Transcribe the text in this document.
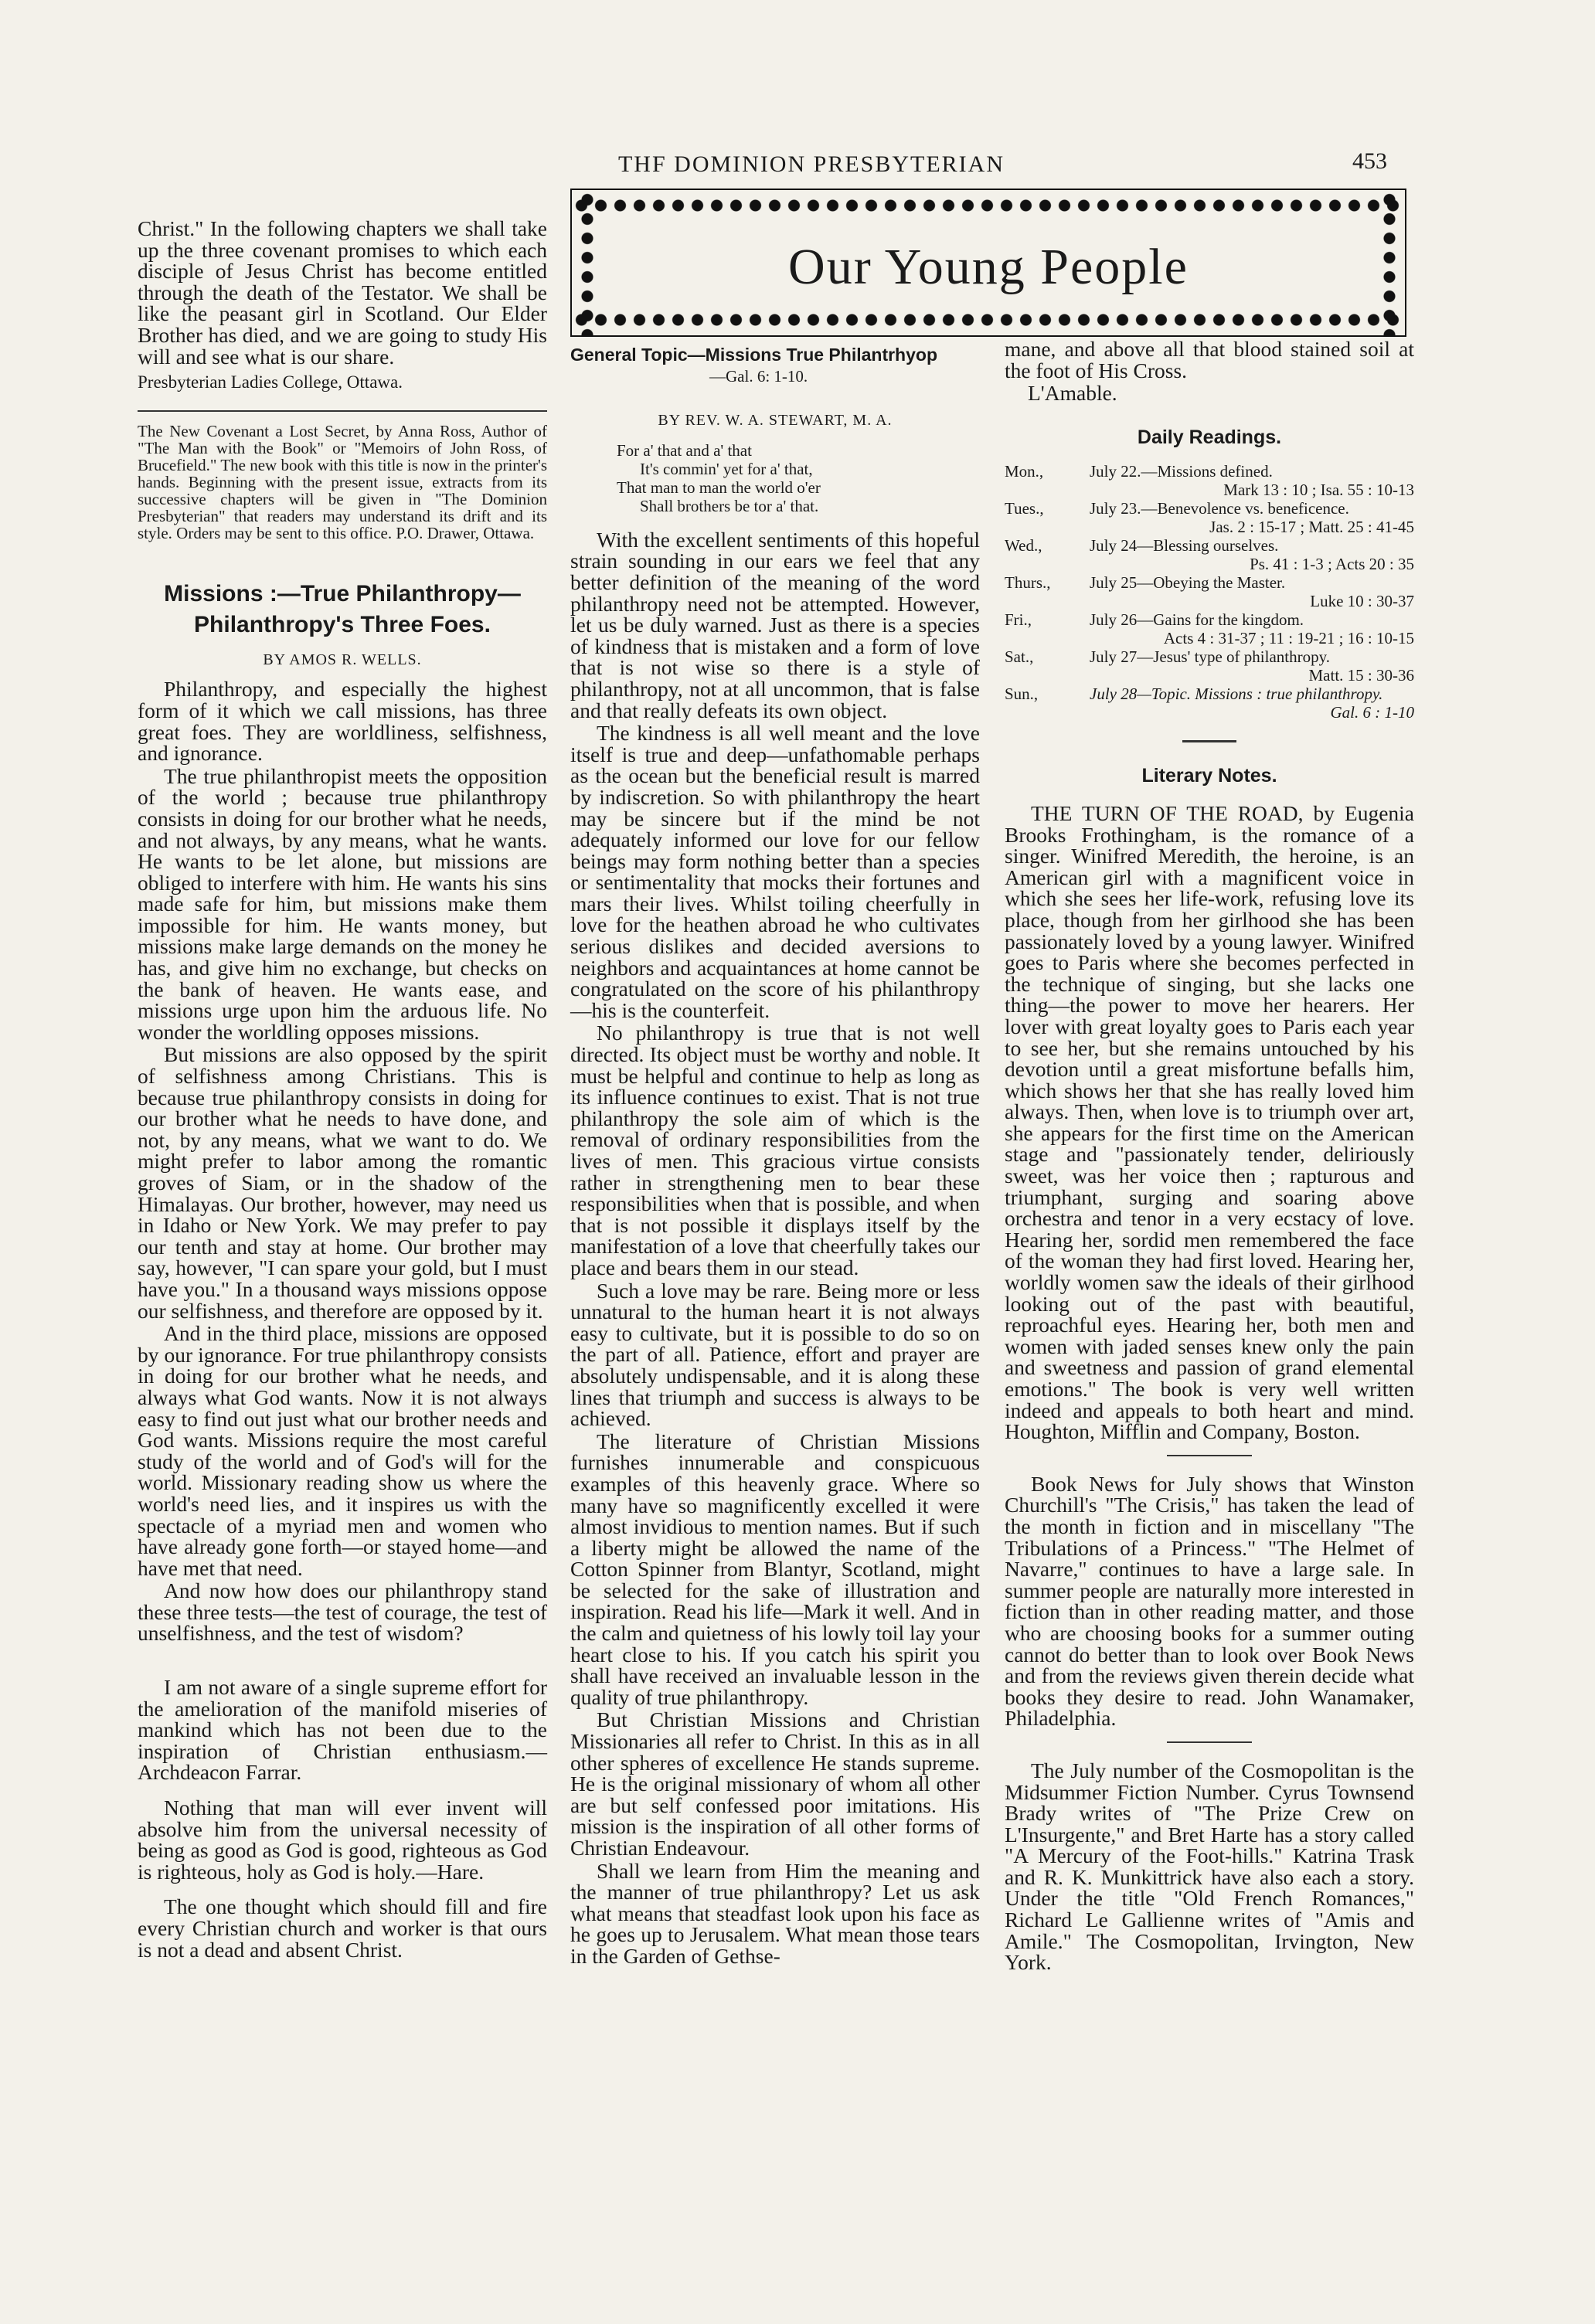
THF DOMINION PRESBYTERIAN	453
Our Young People

Christ." In the following chapters we shall take up the three covenant promises to which each disciple of Jesus Christ has become entitled through the death of the Testator. We shall be like the peasant girl in Scotland. Our Elder Brother has died, and we are going to study His will and see what is our share.

Presbyterian Ladies College, Ottawa.

The New Covenant a Lost Secret, by Anna Ross, Author of "The Man with the Book" or "Memoirs of John Ross, of Brucefield." The new book with this title is now in the printer's hands. Beginning with the present issue, extracts from its successive chapters will be given in "The Dominion Presbyterian" that readers may understand its drift and its style. Orders may be sent to this office. P.O. Drawer, Ottawa.

Missions :—True Philanthropy—Philanthropy's Three Foes.
BY AMOS R. WELLS.

Philanthropy, and especially the highest form of it which we call missions, has three great foes. They are worldliness, selfishness, and ignorance.

The true philanthropist meets the opposition of the world ; because true philanthropy consists in doing for our brother what he needs, and not always, by any means, what he wants. He wants to be let alone, but missions are obliged to interfere with him. He wants his sins made safe for him, but missions make them impossible for him. He wants money, but missions make large demands on the money he has, and give him no exchange, but checks on the bank of heaven. He wants ease, and missions urge upon him the arduous life. No wonder the worldling opposes missions.

But missions are also opposed by the spirit of selfishness among Christians. This is because true philanthropy consists in doing for our brother what he needs to have done, and not, by any means, what we want to do. We might prefer to labor among the romantic groves of Siam, or in the shadow of the Himalayas. Our brother, however, may need us in Idaho or New York. We may prefer to pay our tenth and stay at home. Our brother may say, however, "I can spare your gold, but I must have you." In a thousand ways missions oppose our selfishness, and therefore are opposed by it.

And in the third place, missions are opposed by our ignorance. For true philanthropy consists in doing for our brother what he needs, and always what God wants. Now it is not always easy to find out just what our brother needs and God wants. Missions require the most careful study of the world and of God's will for the world. Missionary reading show us where the world's need lies, and it inspires us with the spectacle of a myriad men and women who have already gone forth—or stayed home—and have met that need.

And now how does our philanthropy stand these three tests—the test of courage, the test of unselfishness, and the test of wisdom?

I am not aware of a single supreme effort for the amelioration of the manifold miseries of mankind which has not been due to the inspiration of Christian enthusiasm.—Archdeacon Farrar.

Nothing that man will ever invent will absolve him from the universal necessity of being as good as God is good, righteous as God is righteous, holy as God is holy.—Hare.

The one thought which should fill and fire every Christian church and worker is that ours is not a dead and absent Christ.

General Topic—Missions True Philantrhyop
—Gal. 6: 1-10.
BY REV. W. A. STEWART, M. A.
For a' that and a' that
It's commin' yet for a' that,
That man to man the world o'er
Shall brothers be tor a' that.

With the excellent sentiments of this hopeful strain sounding in our ears we feel that any better definition of the meaning of the word philanthropy need not be attempted. However, let us be duly warned. Just as there is a species of kindness that is mistaken and a form of love that is not wise so there is a style of philanthropy, not at all uncommon, that is false and that really defeats its own object.

The kindness is all well meant and the love itself is true and deep—unfathomable perhaps as the ocean but the beneficial result is marred by indiscretion. So with philanthropy the heart may be sincere but if the mind be not adequately informed our love for our fellow beings may form nothing better than a species or sentimentality that mocks their fortunes and mars their lives. Whilst toiling cheerfully in love for the heathen abroad he who cultivates serious dislikes and decided aversions to neighbors and acquaintances at home cannot be congratulated on the score of his philanthropy—his is the counterfeit.

No philanthropy is true that is not well directed. Its object must be worthy and noble. It must be helpful and continue to help as long as its influence continues to exist. That is not true philanthropy the sole aim of which is the removal of ordinary responsibilities from the lives of men. This gracious virtue consists rather in strengthening men to bear these responsibilities when that is possible, and when that is not possible it displays itself by the manifestation of a love that cheerfully takes our place and bears them in our stead.

Such a love may be rare. Being more or less unnatural to the human heart it is not always easy to cultivate, but it is possible to do so on the part of all. Patience, effort and prayer are absolutely undispensable, and it is along these lines that triumph and success is always to be achieved.

The literature of Christian Missions furnishes innumerable and conspicuous examples of this heavenly grace. Where so many have so magnificently excelled it were almost invidious to mention names. But if such a liberty might be allowed the name of the Cotton Spinner from Blantyr, Scotland, might be selected for the sake of illustration and inspiration. Read his life—Mark it well. And in the calm and quietness of his lowly toil lay your heart close to his. If you catch his spirit you shall have received an invaluable lesson in the quality of true philanthropy.

But Christian Missions and Christian Missionaries all refer to Christ. In this as in all other spheres of excellence He stands supreme. He is the original missionary of whom all other are but self confessed poor imitations. His mission is the inspiration of all other forms of Christian Endeavour.

Shall we learn from Him the meaning and the manner of true philanthropy? Let us ask what means that steadfast look upon his face as he goes up to Jerusalem. What mean those tears in the Garden of Gethse-

mane, and above all that blood stained soil at the foot of His Cross.

L'Amable.
Daily Readings.
Mon.,	July 22.—Missions defined.
Mark 13 : 10 ; Isa. 55 : 10-13
Tues.,	July 23.—Benevolence vs. beneficence.
Jas. 2 : 15-17 ; Matt. 25 : 41-45
Wed.,	July 24—Blessing ourselves.
Ps. 41 : 1-3 ; Acts 20 : 35
Thurs.,	July 25—Obeying the Master.
Luke 10 : 30-37
Fri.,	July 26—Gains for the kingdom.
Acts 4 : 31-37 ; 11 : 19-21 ; 16 : 10-15
Sat.,	July 27—Jesus' type of philanthropy.
Matt. 15 : 30-36
Sun.,	July 28—Topic. Missions : true philanthropy.
Gal. 6 : 1-10
Literary Notes.

THE TURN OF THE ROAD, by Eugenia Brooks Frothingham, is the romance of a singer. Winifred Meredith, the heroine, is an American girl with a magnificent voice in which she sees her life-work, refusing love its place, though from her girlhood she has been passionately loved by a young lawyer. Winifred goes to Paris where she becomes perfected in the technique of singing, but she lacks one thing—the power to move her hearers. Her lover with great loyalty goes to Paris each year to see her, but she remains untouched by his devotion until a great misfortune befalls him, which shows her that she has really loved him always. Then, when love is to triumph over art, she appears for the first time on the American stage and "passionately tender, deliriously sweet, was her voice then ; rapturous and triumphant, surging and soaring above orchestra and tenor in a very ecstacy of love. Hearing her, sordid men remembered the face of the woman they had first loved. Hearing her, worldly women saw the ideals of their girlhood looking out of the past with beautiful, reproachful eyes. Hearing her, both men and women with jaded senses knew only the pain and sweetness and passion of grand elemental emotions." The book is very well written indeed and appeals to both heart and mind. Houghton, Mifflin and Company, Boston.

Book News for July shows that Winston Churchill's "The Crisis," has taken the lead of the month in fiction and in miscellany "The Tribulations of a Princess." "The Helmet of Navarre," continues to have a large sale. In summer people are naturally more interested in fiction than in other reading matter, and those who are choosing books for a summer outing cannot do better than to look over Book News and from the reviews given therein decide what books they desire to read. John Wanamaker, Philadelphia.

The July number of the Cosmopolitan is the Midsummer Fiction Number. Cyrus Townsend Brady writes of "The Prize Crew on L'Insurgente," and Bret Harte has a story called "A Mercury of the Foot-hills." Katrina Trask and R. K. Munkittrick have also each a story. Under the title "Old French Romances," Richard Le Gallienne writes of "Amis and Amile." The Cosmopolitan, Irvington, New York.
